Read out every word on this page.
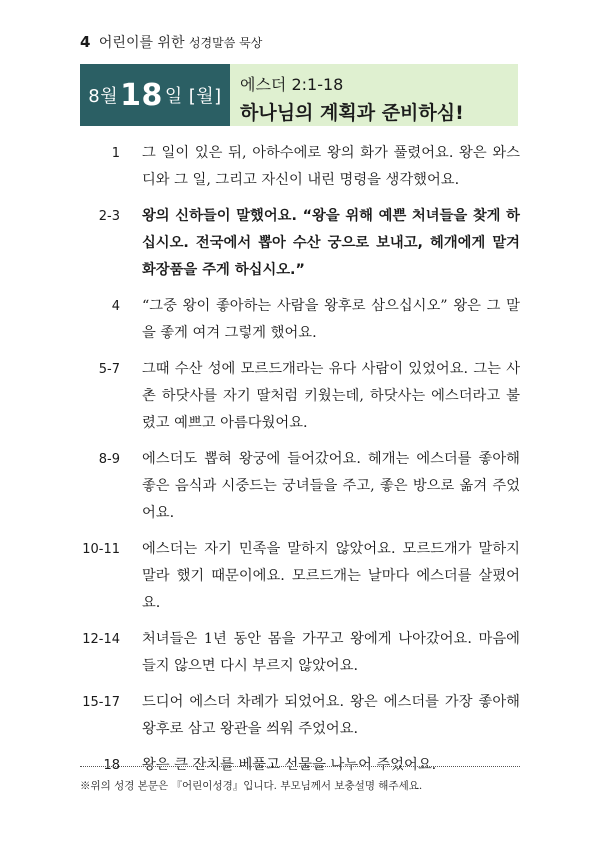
4 어린이를 위한 성경말씀 묵상
8월 18 일 [월]
에스더 2:1-18
하나님의 계획과 준비하심!
1 그 일이 있은 뒤, 아하수에로 왕의 화가 풀렸어요. 왕은 와스디와 그 일, 그리고 자신이 내린 명령을 생각했어요.
2-3 왕의 신하들이 말했어요. “왕을 위해 예쁜 처녀들을 찾게 하십시오. 전국에서 뽑아 수산 궁으로 보내고, 헤개에게 맡겨 화장품을 주게 하십시오.”
4 “그중 왕이 좋아하는 사람을 왕후로 삼으십시오” 왕은 그 말을 좋게 여겨 그렇게 했어요.
5-7 그때 수산 성에 모르드개라는 유다 사람이 있었어요. 그는 사촌 하닷사를 자기 딸처럼 키웠는데, 하닷사는 에스더라고 불렸고 예쁘고 아름다웠어요.
8-9 에스더도 뽑혀 왕궁에 들어갔어요. 헤개는 에스더를 좋아해 좋은 음식과 시중드는 궁녀들을 주고, 좋은 방으로 옮겨 주었어요.
10-11 에스더는 자기 민족을 말하지 않았어요. 모르드개가 말하지 말라 했기 때문이에요. 모르드개는 날마다 에스더를 살폈어요.
12-14 처녀들은 1년 동안 몸을 가꾸고 왕에게 나아갔어요. 마음에 들지 않으면 다시 부르지 않았어요.
15-17 드디어 에스더 차례가 되었어요. 왕은 에스더를 가장 좋아해 왕후로 삼고 왕관을 씌워 주었어요.
18 왕은 큰 잔치를 베풀고 선물을 나누어 주었어요.
※위의 성경 본문은 『어린이성경』입니다. 부모님께서 보충설명 해주세요.
